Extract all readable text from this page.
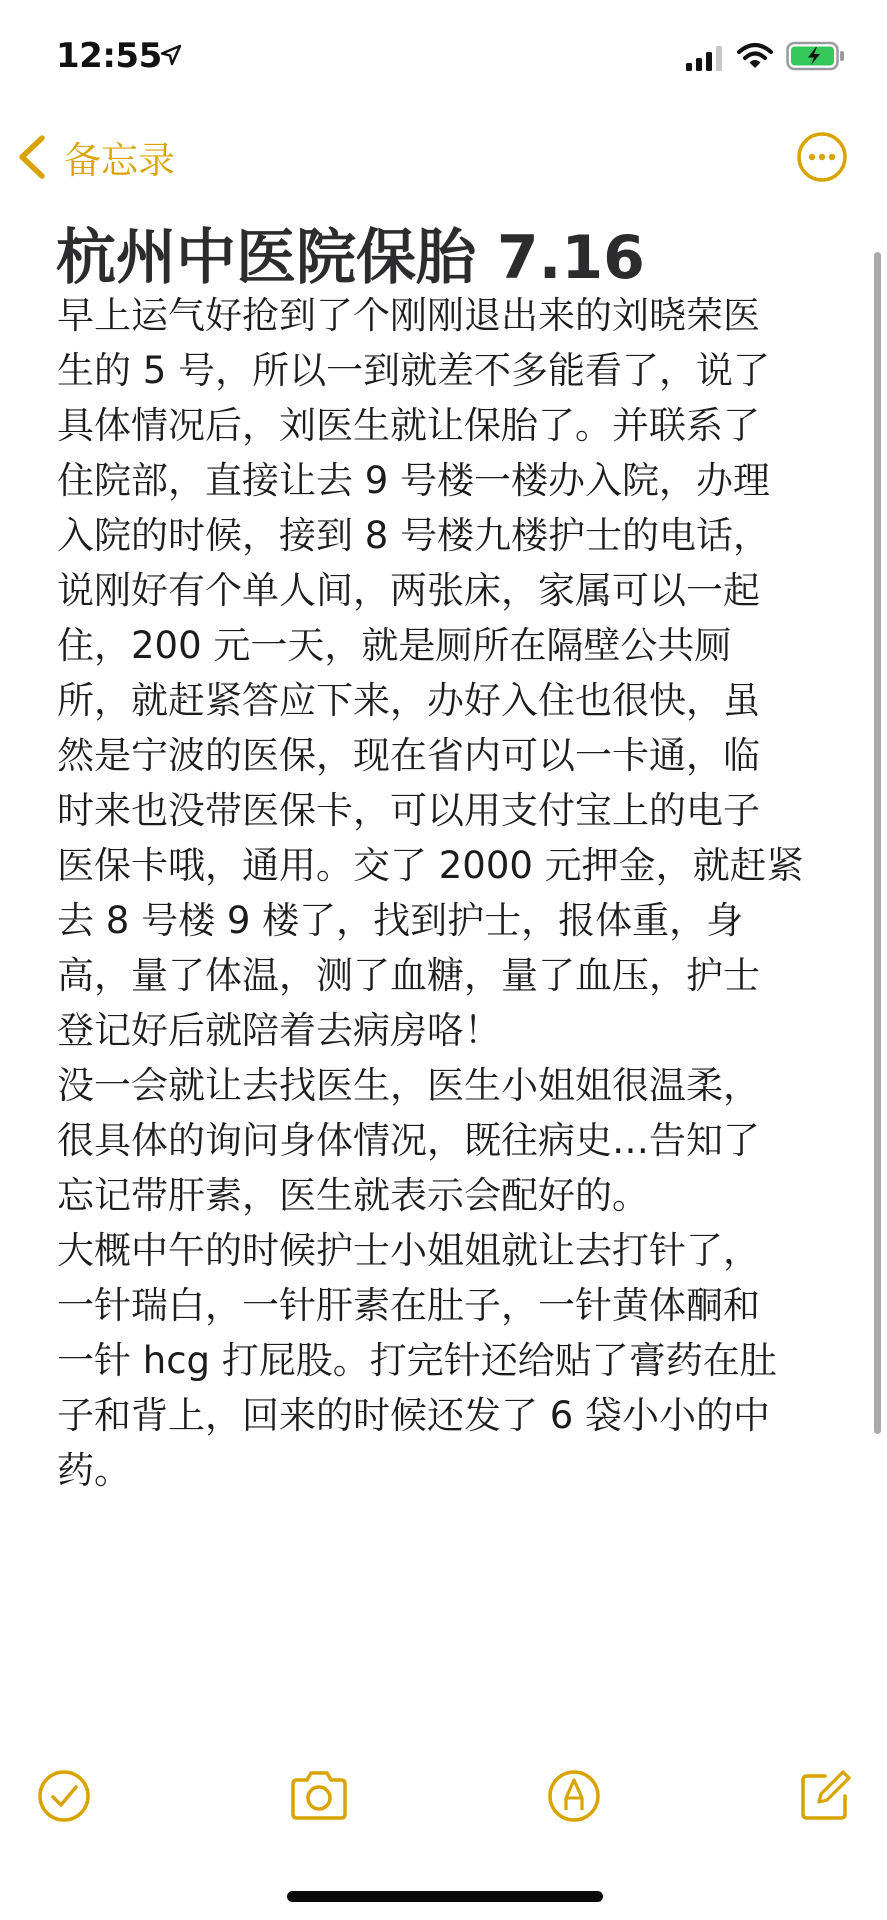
12:55
备忘录
杭州中医院保胎 7.16
早上运气好抢到了个刚刚退出来的刘晓荣医
生的 5 号，所以一到就差不多能看了，说了
具体情况后，刘医生就让保胎了。并联系了
住院部，直接让去 9 号楼一楼办入院，办理
入院的时候，接到 8 号楼九楼护士的电话，
说刚好有个单人间，两张床，家属可以一起
住，200 元一天，就是厕所在隔壁公共厕
所，就赶紧答应下来，办好入住也很快，虽
然是宁波的医保，现在省内可以一卡通，临
时来也没带医保卡，可以用支付宝上的电子
医保卡哦，通用。交了 2000 元押金，就赶紧
去 8 号楼 9 楼了，找到护士，报体重，身
高，量了体温，测了血糖，量了血压，护士
登记好后就陪着去病房咯！
没一会就让去找医生，医生小姐姐很温柔，
很具体的询问身体情况，既往病史…告知了
忘记带肝素，医生就表示会配好的。
大概中午的时候护士小姐姐就让去打针了，
一针瑞白，一针肝素在肚子，一针黄体酮和
一针 hcg 打屁股。打完针还给贴了膏药在肚
子和背上，回来的时候还发了 6 袋小小的中
药。
